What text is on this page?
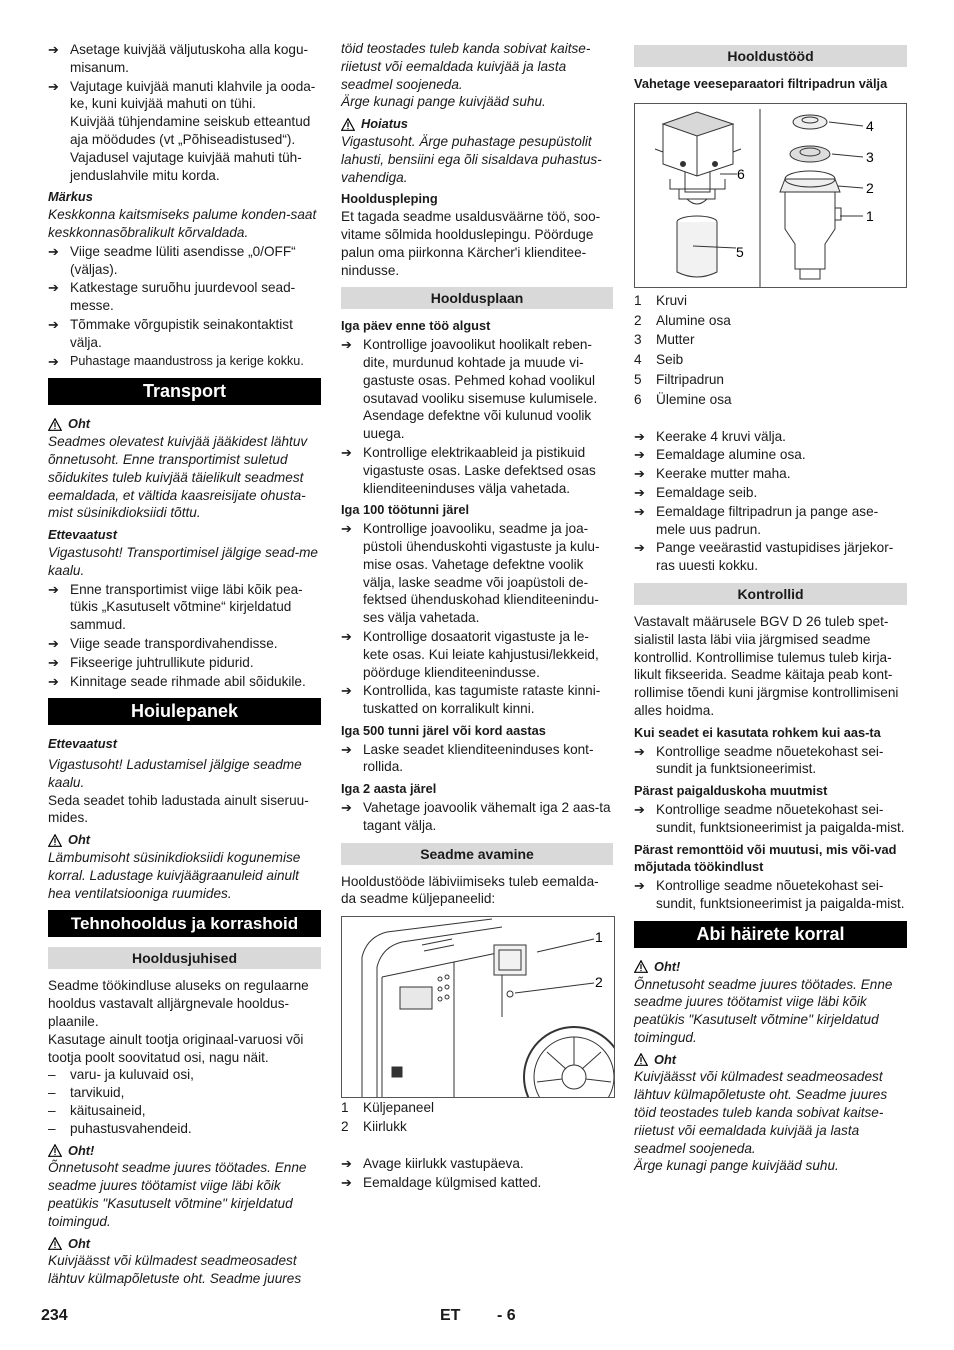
➔ Asetage kuivjää väljutuskoha alla kogu-misanum.

➔ Vajutage kuivjää manuti klahvile ja ooda-ke, kuni kuivjää mahuti on tühi.

Kuivjää tühjendamine seiskub etteantud aja möödudes (vt „Põhiseadistused“).

Vajadusel vajutage kuivjää mahuti tüh-jenduslahvile mitu korda.

Märkus

Keskkonna kaitsmiseks palume konden-saat keskkonnasõbralikult kõrvaldada.

➔ Viige seadme lüliti asendisse „0/OFF“ (väljas).

➔ Katkestage suruõhu juurdevool sead-messe.

➔ Tõmmake võrgupistik seinakontaktist välja.

➔ Puhastage maandustross ja kerige kokku.

Transport
Oht

Seadmes olevatest kuivjää jääkidest lähtuv õnnetusoht. Enne transportimist suletud sõidukites tuleb kuivjää täielikult seadmest eemaldada, et vältida kaasreisijate ohusta-mist süsinikdioksiidi tõttu.

Ettevaatust

Vigastusoht! Transportimisel jälgige sead-me kaalu.

➔ Enne transportimist viige läbi kõik pea-tükis „Kasutuselt võtmine“ kirjeldatud sammud.

➔ Viige seade transpordivahendisse.

➔ Fikseerige juhtrullikute pidurid.

➔ Kinnitage seade rihmade abil sõidukile.

Hoiulepanek

Ettevaatust

Vigastusoht! Ladustamisel jälgige seadme kaalu.

Seda seadet tohib ladustada ainult siseruu-mides.

Oht

Lämbumisoht süsinikdioksiidi kogunemise korral. Ladustage kuivjäägraanuleid ainult hea ventilatsiooniga ruumides.

Tehnohooldus ja korrashoid
Hooldusjuhised

Seadme töökindluse aluseks on regulaarne hooldus vastavalt alljärgnevale hooldus-plaanile.

Kasutage ainult tootja originaal-varuosi või tootja poolt soovitatud osi, nagu näit.

–	varu- ja kuluvaid osi,

–	tarvikuid,

–	käitusaineid,

–	puhastusvahendeid.

Oht!

Õnnetusoht seadme juures töötades. Enne seadme juures töötamist viige läbi kõik peatükis "Kasutuselt võtmine" kirjeldatud toimingud.

Oht

Kuivjäässt või külmadest seadmeosadest lähtuv külmapõletuste oht. Seadme juures

töid teostades tuleb kanda sobivat kaitse-riietust või eemaldada kuivjää ja lasta seadmel soojeneda.

Ärge kunagi pange kuivjääd suhu.

Hoiatus

Vigastusoht. Ärge puhastage pesupüstolit lahusti, bensiini ega õli sisaldava puhastus-vahendiga.

Hoolduspleping

Et tagada seadme usaldusväärne töö, soo-vitame sõlmida hoolduslepingu. Pöörduge palun oma piirkonna Kärcher'i klienditee-nindusse.

Hooldusplaan

Iga päev enne töö algust

➔ Kontrollige joavoolikut hoolikalt reben-dite, murdunud kohtade ja muude vi-gastuste osas. Pehmed kohad voolikul osutavad vooliku sisemuse kulumisele. Asendage defektne või kulunud voolik uuega.

➔ Kontrollige elektrikaableid ja pistikuid vigastuste osas. Laske defektsed osas klienditeeninduses välja vahetada.

Iga 100 töötunni järel

➔ Kontrollige joavooliku, seadme ja joa-püstoli ühenduskohti vigastuste ja kulu-mise osas. Vahetage defektne voolik välja, laske seadme või joapüstoli de-fektsed ühenduskohad klienditeenindu-ses välja vahetada.

➔ Kontrollige dosaatorit vigastuste ja le-kete osas. Kui leiate kahjustusi/lekkeid, pöörduge klienditeenindusse.

➔ Kontrollida, kas tagumiste rataste kinni-tuskatted on korralikult kinni.

Iga 500 tunni järel või kord aastas

➔ Laske seadet klienditeeninduses kont-rollida.

Iga 2 aasta järel

➔ Vahetage joavoolik vähemalt iga 2 aas-ta tagant välja.

Seadme avamine

Hooldustööde läbiviimiseks tuleb eemalda-da seadme küljepaneelid:

1
2
1	Küljepaneel

2	Kiirlukk

➔ Avage kiirlukk vastupäeva.

➔ Eemaldage külgmised katted.

Hooldustööd

Vahetage veeseparaatori filtripadrun välja

4
3
2
1
6
5
1	Kruvi

2	Alumine osa

3	Mutter

4	Seib

5	Filtripadrun

6	Ülemine osa

➔ Keerake 4 kruvi välja.

➔ Eemaldage alumine osa.

➔ Keerake mutter maha.

➔ Eemaldage seib.

➔ Eemaldage filtripadrun ja pange ase-mele uus padrun.

➔ Pange veeärastid vastupidises järjekor-ras uuesti kokku.

Kontrollid

Vastavalt määrusele BGV D 26 tuleb spet-sialistil lasta läbi viia järgmised seadme kontrollid. Kontrollimise tulemus tuleb kirja-likult fikseerida. Seadme käitaja peab kont-rollimise tõendi kuni järgmise kontrollimiseni alles hoidma.

Kui seadet ei kasutata rohkem kui aas-ta

➔ Kontrollige seadme nõuetekohast sei-sundit ja funktsioneerimist.

Pärast paigalduskoha muutmist

➔ Kontrollige seadme nõuetekohast sei-sundit, funktsioneerimist ja paigalda-mist.

Pärast remonttöid või muutusi, mis või-vad mõjutada töökindlust

➔ Kontrollige seadme nõuetekohast sei-sundit, funktsioneerimist ja paigalda-mist.

Abi häirete korral
Oht!

Õnnetusoht seadme juures töötades. Enne seadme juures töötamist viige läbi kõik peatükis "Kasutuselt võtmine" kirjeldatud toimingud.

Oht

Kuivjäässt või külmadest seadmeosadest lähtuv külmapõletuste oht. Seadme juures töid teostades tuleb kanda sobivat kaitse-riietust või eemaldada kuivjää ja lasta seadmel soojeneda.

Ärge kunagi pange kuivjääd suhu.

234	ET - 6
